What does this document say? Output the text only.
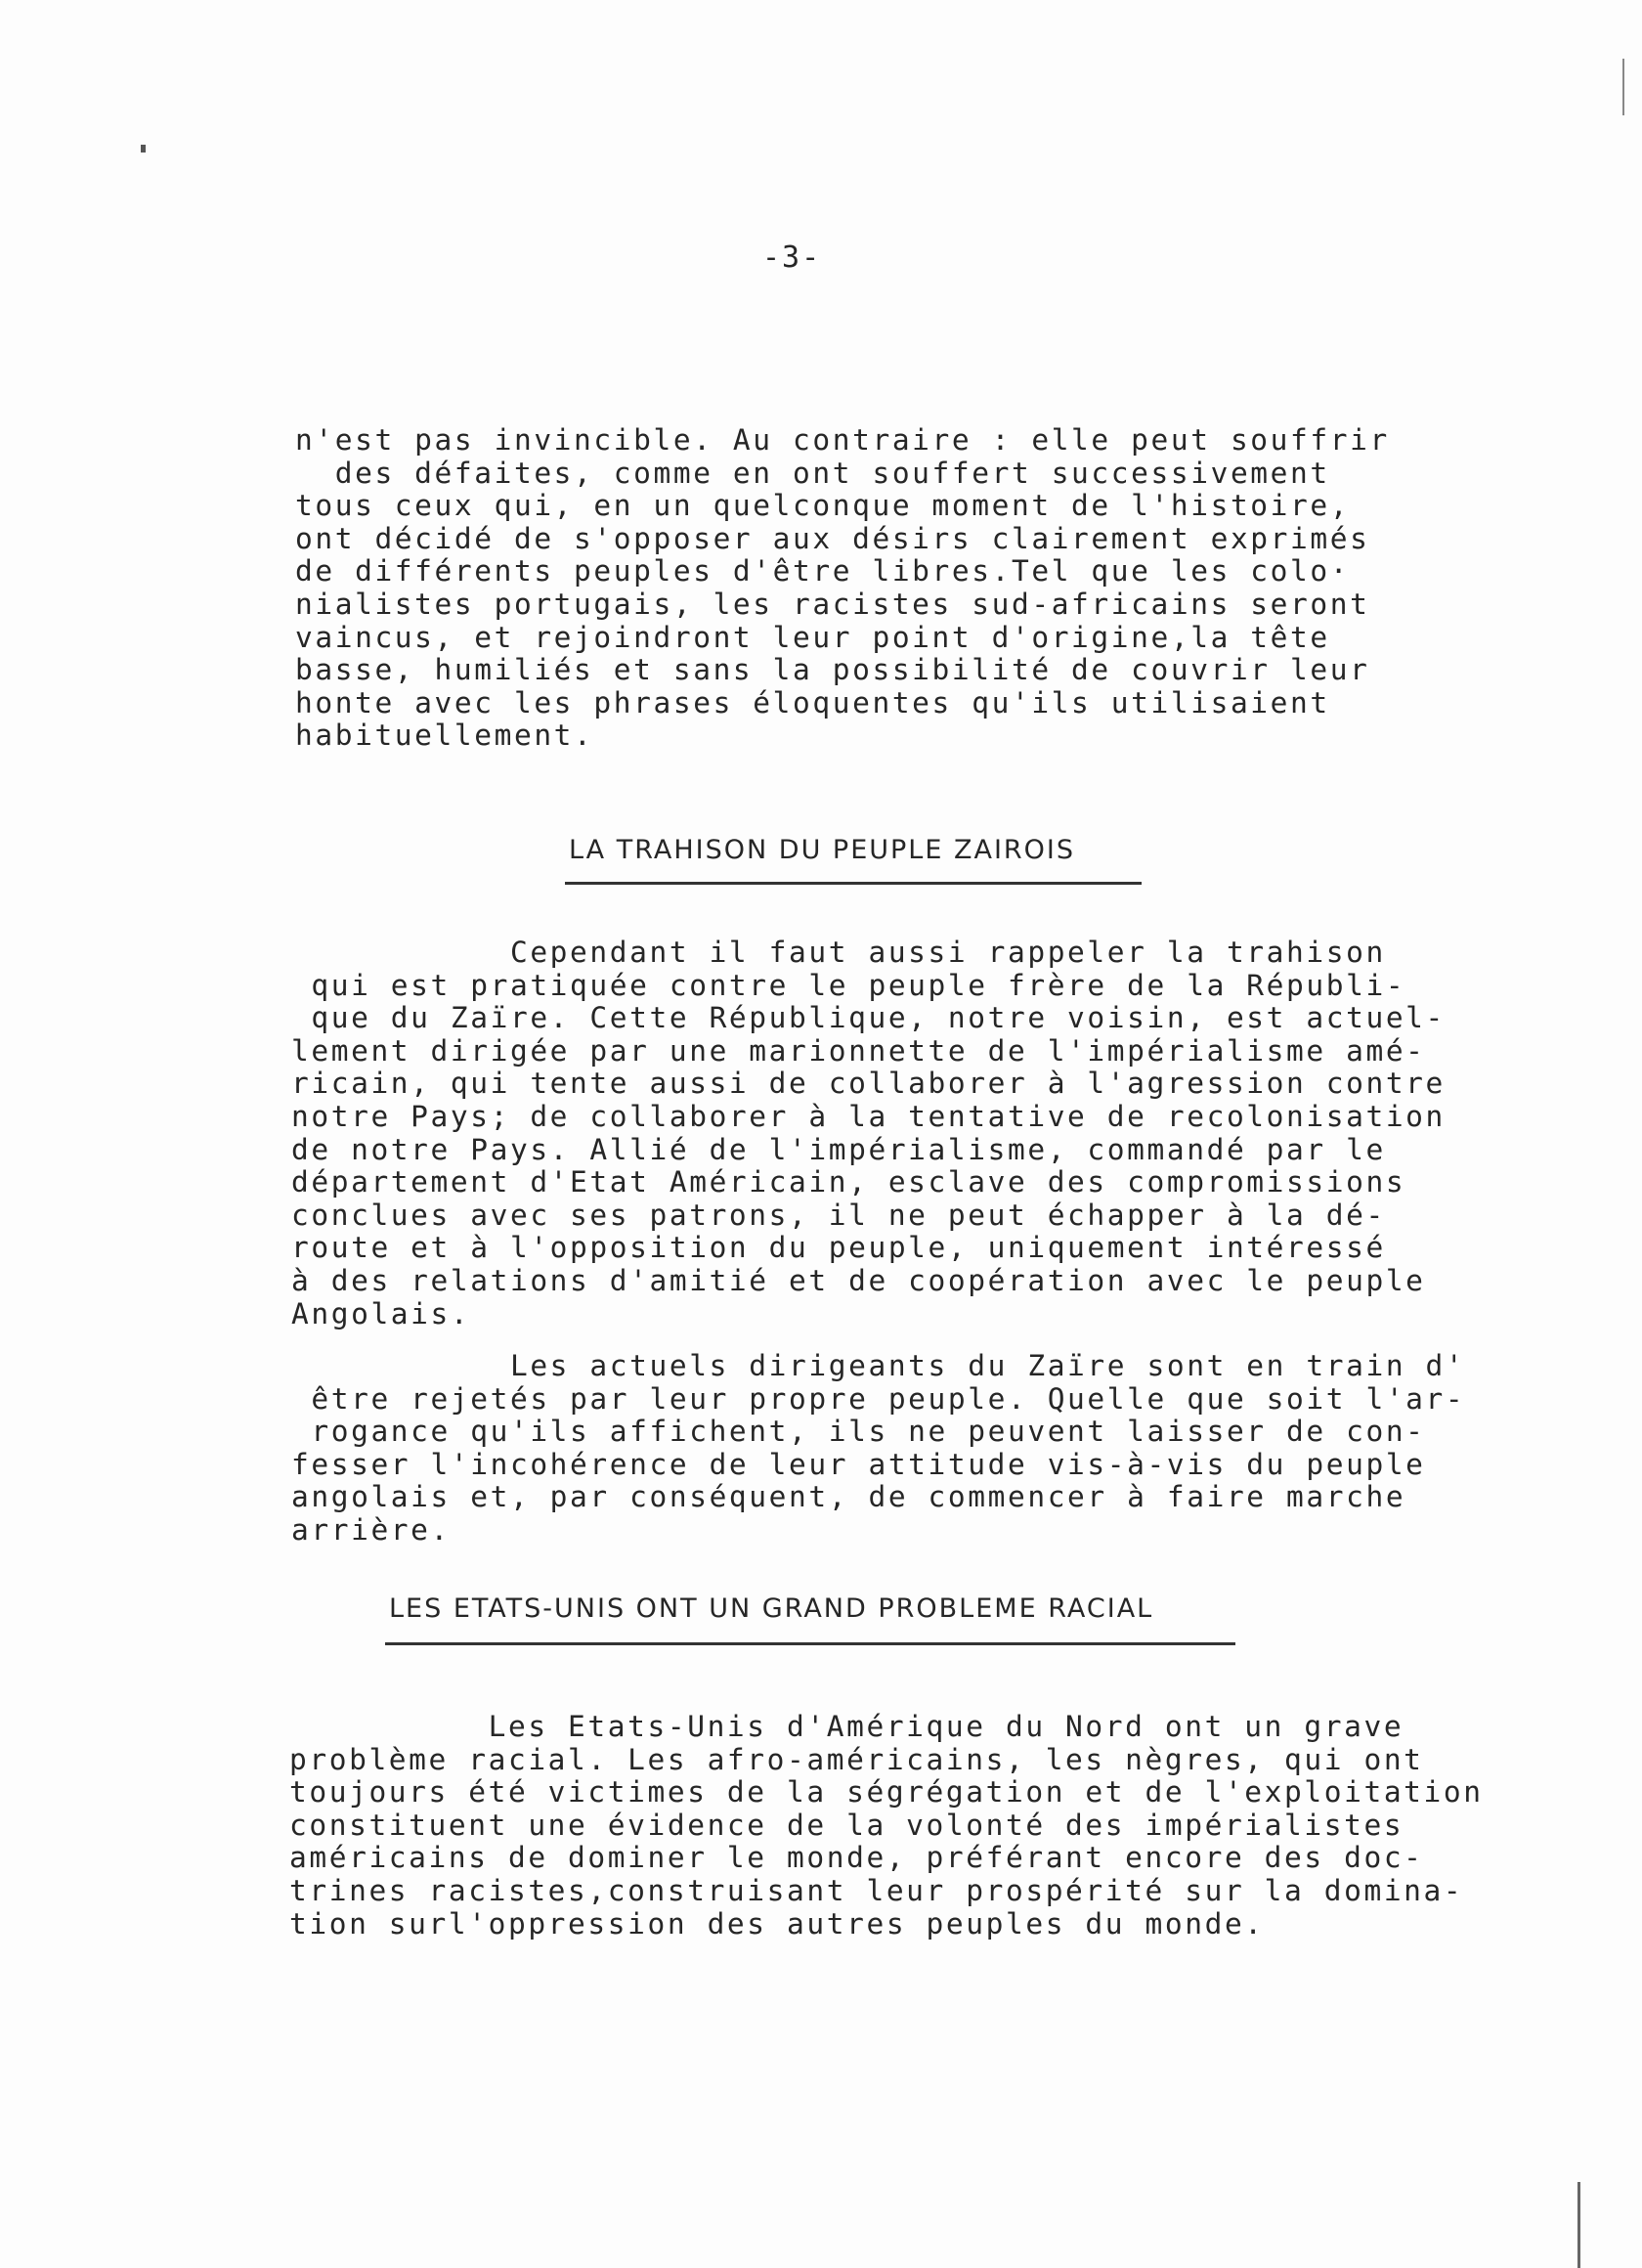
-3-
n'est pas invincible. Au contraire : elle peut souffrir
des défaites, comme en ont souffert successivement
tous ceux qui, en un quelconque moment de l'histoire,
ont décidé de s'opposer aux désirs clairement exprimés
de différents peuples d'être libres.Tel que les colo·
nialistes portugais, les racistes sud-africains seront
vaincus, et rejoindront leur point d'origine,la tête
basse, humiliés et sans la possibilité de couvrir leur
honte avec les phrases éloquentes qu'ils utilisaient
habituellement.
LA TRAHISON DU PEUPLE ZAIROIS
Cependant il faut aussi rappeler la trahison
qui est pratiquée contre le peuple frère de la Républi-
que du Zaïre. Cette République, notre voisin, est actuel-
lement dirigée par une marionnette de l'impérialisme amé-
ricain, qui tente aussi de collaborer à l'agression contre
notre Pays; de collaborer à la tentative de recolonisation
de notre Pays. Allié de l'impérialisme, commandé par le
département d'Etat Américain, esclave des compromissions
conclues avec ses patrons, il ne peut échapper à la dé-
route et à l'opposition du peuple, uniquement intéressé
à des relations d'amitié et de coopération avec le peuple
Angolais.
Les actuels dirigeants du Zaïre sont en train d'
être rejetés par leur propre peuple. Quelle que soit l'ar-
rogance qu'ils affichent, ils ne peuvent laisser de con-
fesser l'incohérence de leur attitude vis-à-vis du peuple
angolais et, par conséquent, de commencer à faire marche
arrière.
LES ETATS-UNIS ONT UN GRAND PROBLEME RACIAL
Les Etats-Unis d'Amérique du Nord ont un grave
problème racial. Les afro-américains, les nègres, qui ont
toujours été victimes de la ségrégation et de l'exploitation
constituent une évidence de la volonté des impérialistes
américains de dominer le monde, préférant encore des doc-
trines racistes,construisant leur prospérité sur la domina-
tion surl'oppression des autres peuples du monde.
